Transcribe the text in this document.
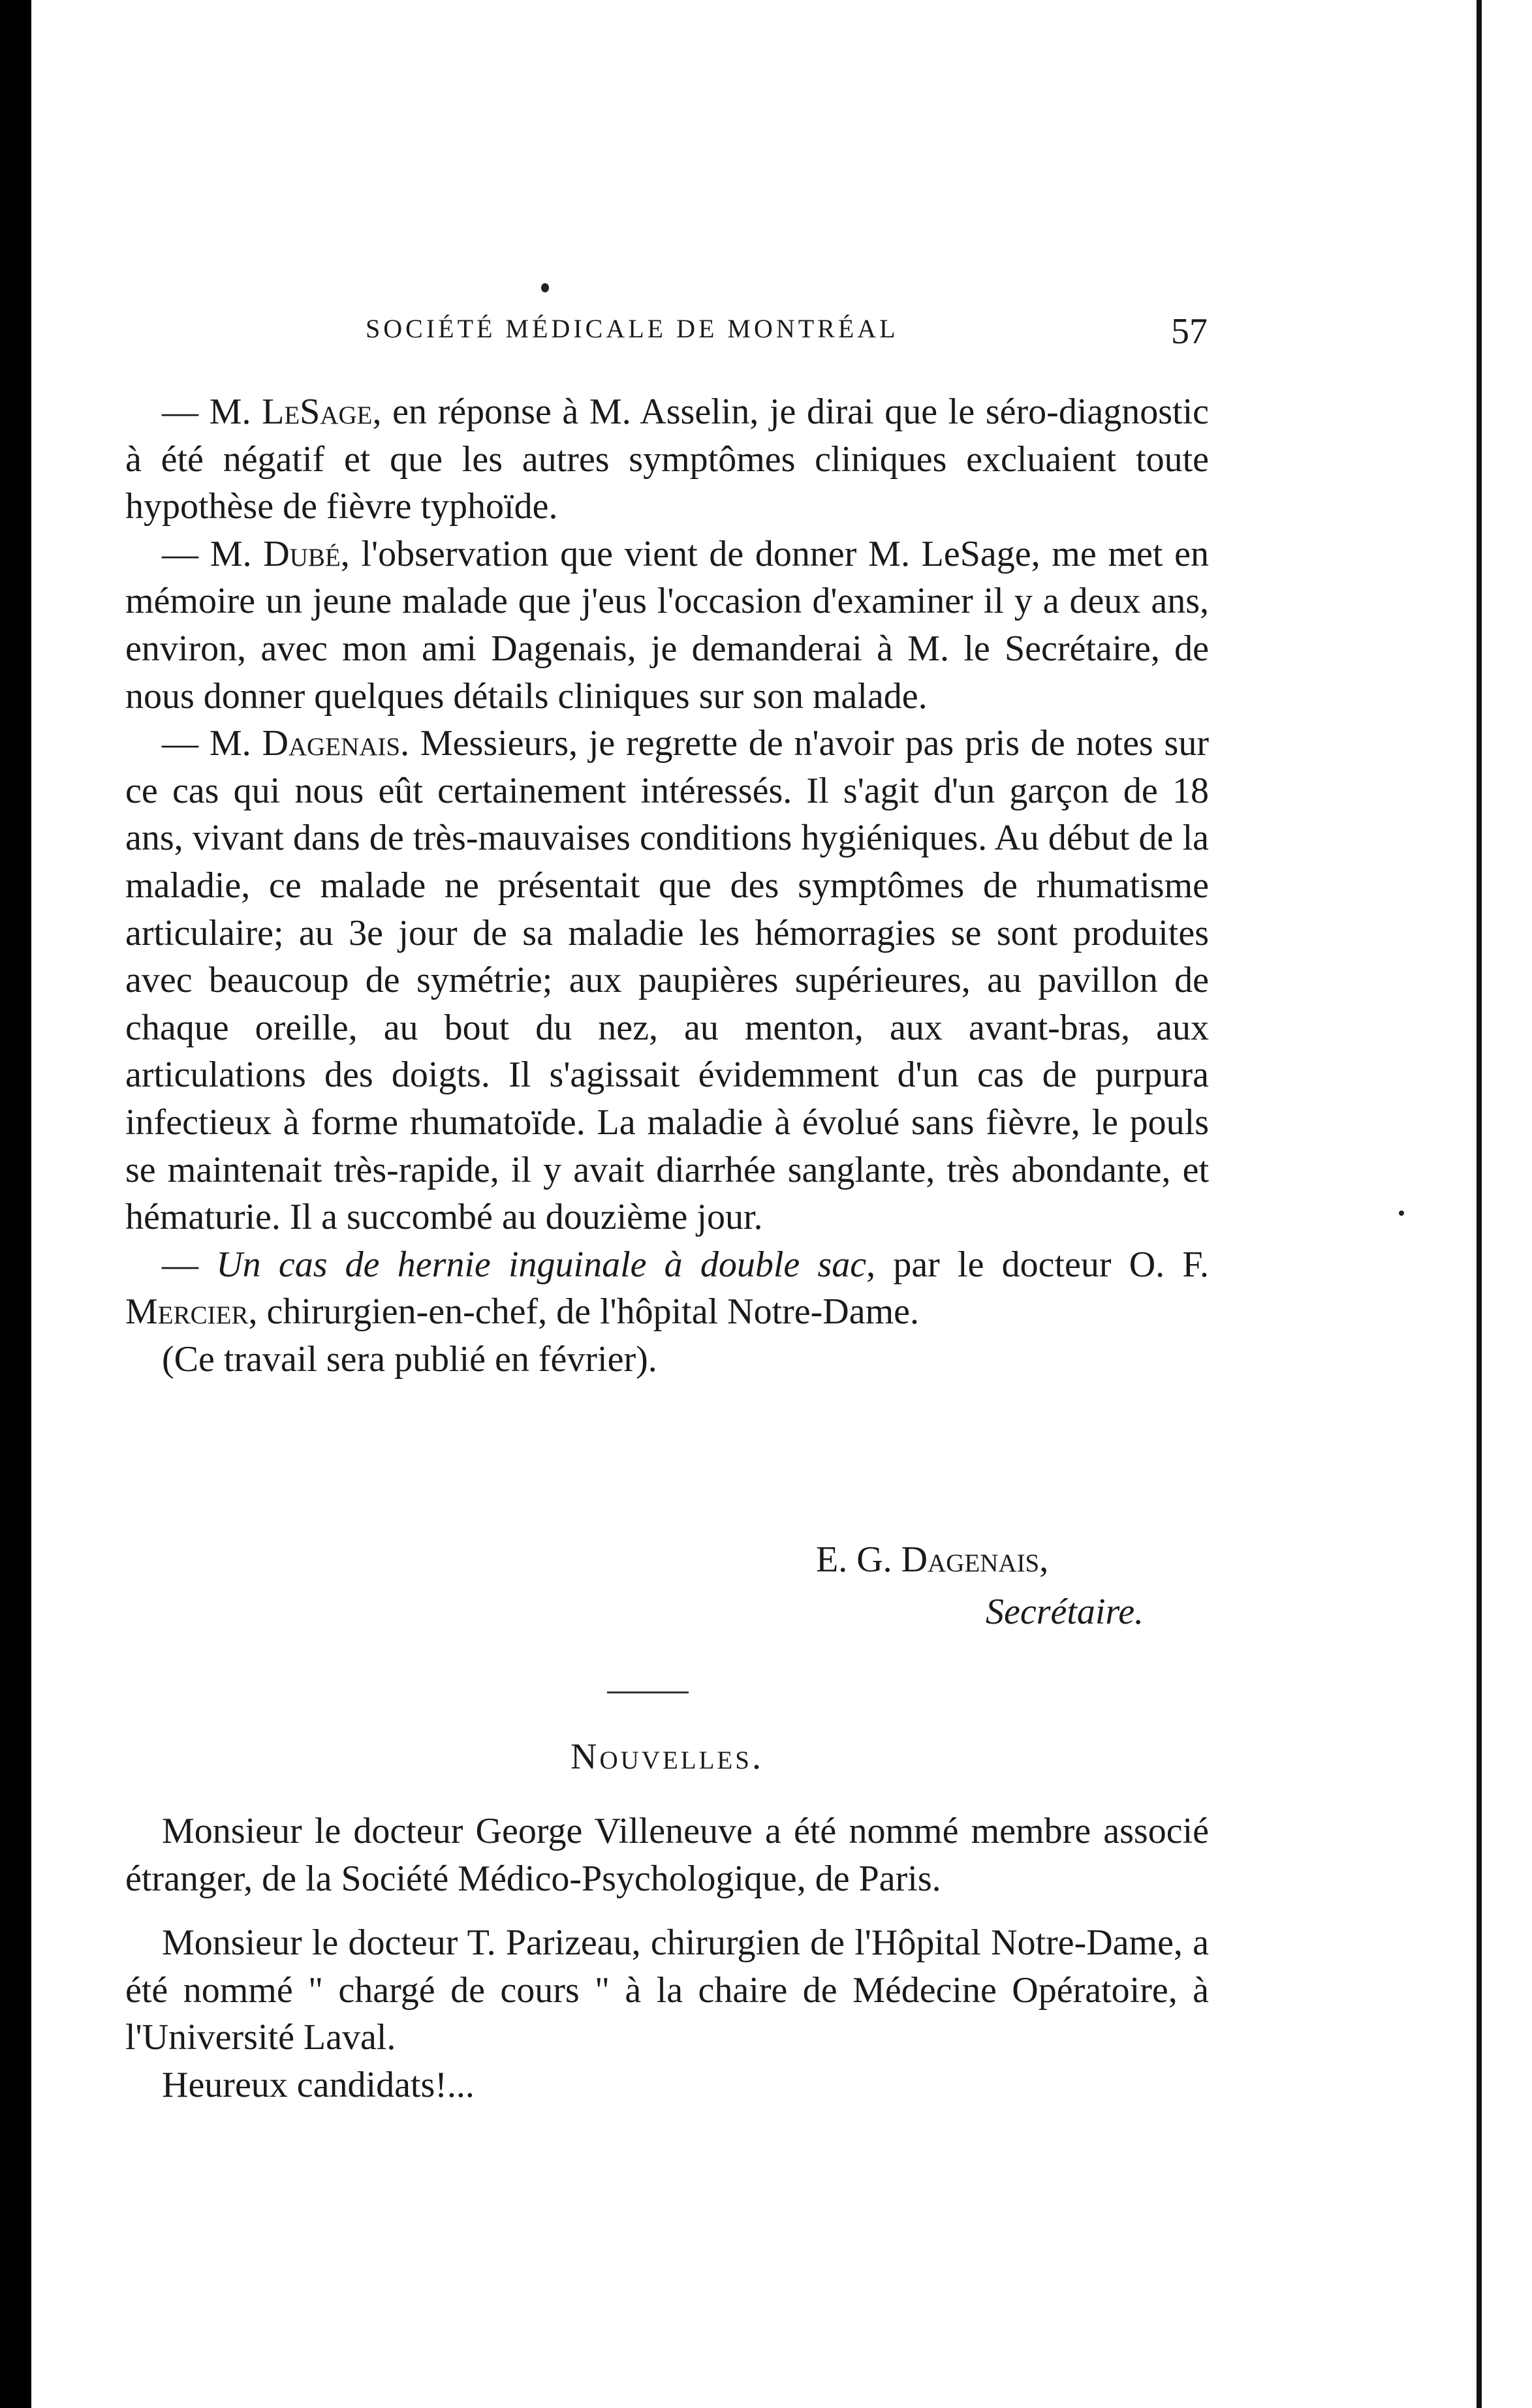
SOCIÉTÉ MÉDICALE DE MONTRÉAL	57

— M. LeSage, en réponse à M. Asselin, je dirai que le séro-diagnostic à été négatif et que les autres symptômes cliniques excluaient toute hypothèse de fièvre typhoïde.

— M. Dubé, l'observation que vient de donner M. LeSage, me met en mémoire un jeune malade que j'eus l'occasion d'examiner il y a deux ans, environ, avec mon ami Dagenais, je demanderai à M. le Secrétaire, de nous donner quelques détails cliniques sur son malade.

— M. Dagenais. Messieurs, je regrette de n'avoir pas pris de notes sur ce cas qui nous eût certainement intéressés. Il s'agit d'un garçon de 18 ans, vivant dans de très-mauvaises conditions hygiéniques. Au début de la maladie, ce malade ne présentait que des symptômes de rhumatisme articulaire; au 3e jour de sa maladie les hémorragies se sont produites avec beaucoup de symétrie; aux paupières supérieures, au pavillon de chaque oreille, au bout du nez, au menton, aux avant-bras, aux articulations des doigts. Il s'agissait évidemment d'un cas de purpura infectieux à forme rhumatoïde. La maladie à évolué sans fièvre, le pouls se maintenait très-rapide, il y avait diarrhée sanglante, très abondante, et hématurie. Il a succombé au douzième jour.

— Un cas de hernie inguinale à double sac, par le docteur O. F. Mercier, chirurgien-en-chef, de l'hôpital Notre-Dame.

(Ce travail sera publié en février).

E. G. Dagenais,
Secrétaire.
Nouvelles.

Monsieur le docteur George Villeneuve a été nommé membre associé étranger, de la Société Médico-Psychologique, de Paris.

Monsieur le docteur T. Parizeau, chirurgien de l'Hôpital Notre-Dame, a été nommé " chargé de cours " à la chaire de Médecine Opératoire, à l'Université Laval.

Heureux candidats!...
